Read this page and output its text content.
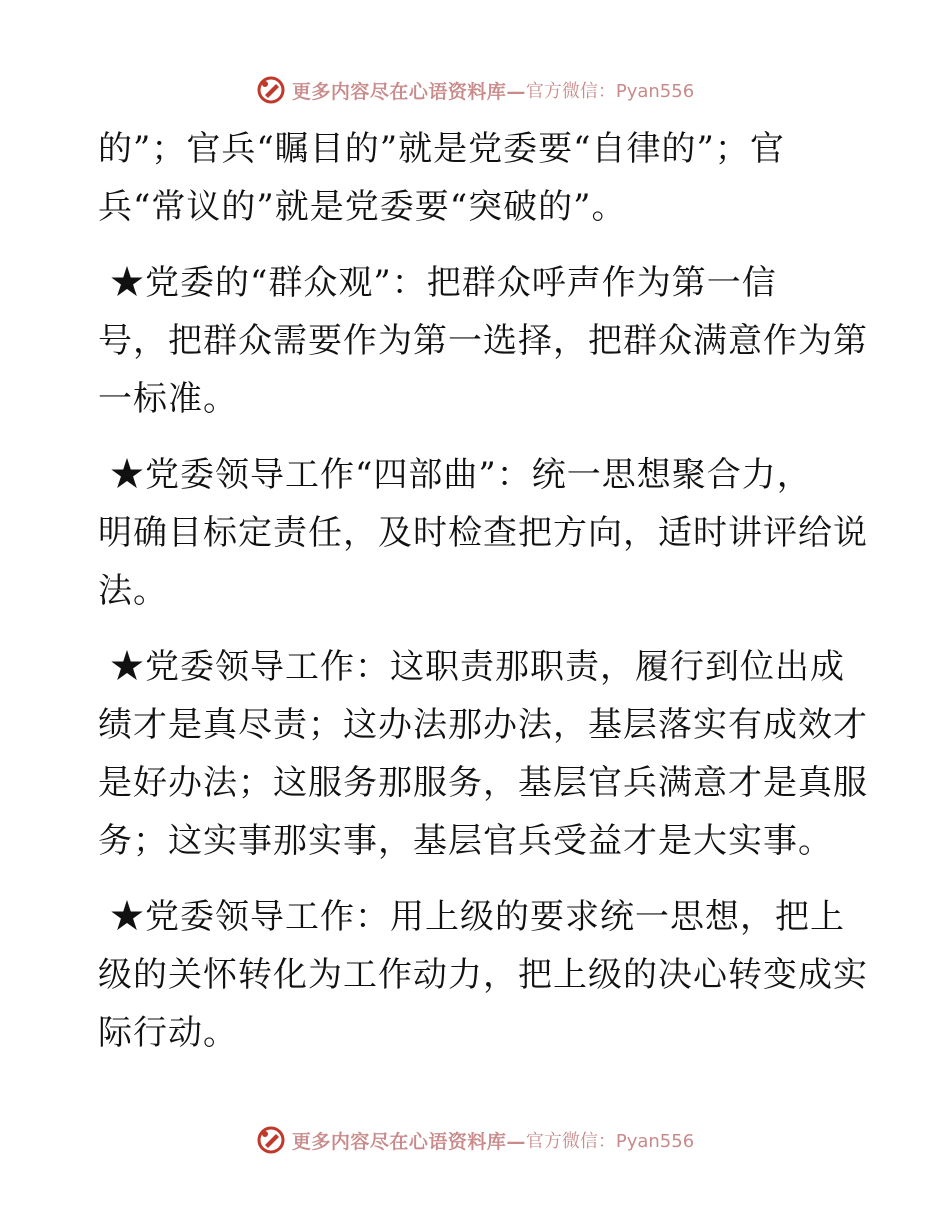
更多内容尽在心语资料库— 官方微信：Pyan556

的”；官兵“瞩目的”就是党委要“自律的”；官
兵“常议的”就是党委要“突破的”。

★党委的“群众观”：把群众呼声作为第一信
号，把群众需要作为第一选择，把群众满意作为第
一标准。

★党委领导工作“四部曲”：统一思想聚合力，
明确目标定责任，及时检查把方向，适时讲评给说
法。

★党委领导工作：这职责那职责，履行到位出成
绩才是真尽责；这办法那办法，基层落实有成效才
是好办法；这服务那服务，基层官兵满意才是真服
务；这实事那实事，基层官兵受益才是大实事。

★党委领导工作：用上级的要求统一思想，把上
级的关怀转化为工作动力，把上级的决心转变成实
际行动。

更多内容尽在心语资料库— 官方微信：Pyan556
